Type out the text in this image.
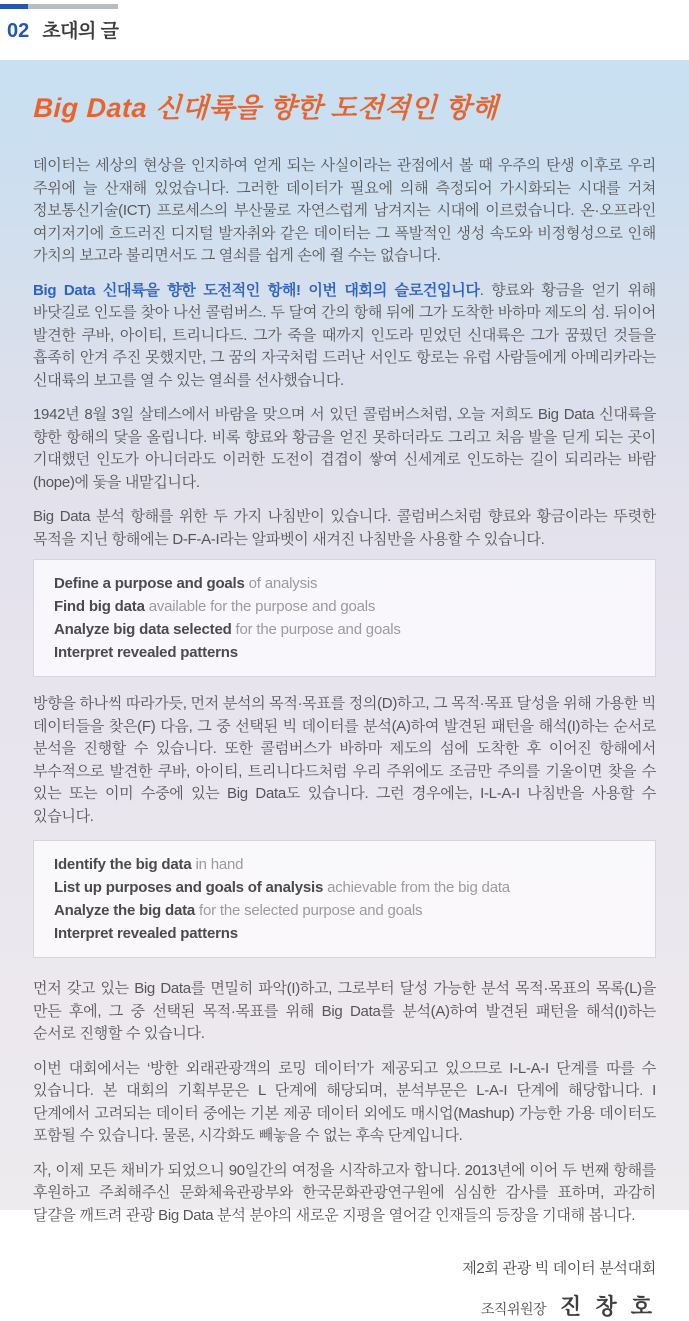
02 초대의 글
Big Data 신대륙을 향한 도전적인 항해

데이터는 세상의 현상을 인지하여 얻게 되는 사실이라는 관점에서 볼 때 우주의 탄생 이후로 우리 주위에 늘 산재해 있었습니다. 그러한 데이터가 필요에 의해 측정되어 가시화되는 시대를 거쳐 정보통신기술(ICT) 프로세스의 부산물로 자연스럽게 남겨지는 시대에 이르렀습니다. 온·오프라인 여기저기에 흐드러진 디지털 발자취와 같은 데이터는 그 폭발적인 생성 속도와 비정형성으로 인해 가치의 보고라 불리면서도 그 열쇠를 쉽게 손에 쥘 수는 없습니다.

Big Data 신대륙을 향한 도전적인 항해! 이번 대회의 슬로건입니다. 향료와 황금을 얻기 위해 바닷길로 인도를 찾아 나선 콜럼버스. 두 달여 간의 항해 뒤에 그가 도착한 바하마 제도의 섬. 뒤이어 발견한 쿠바, 아이티, 트리니다드. 그가 죽을 때까지 인도라 믿었던 신대륙은 그가 꿈꿨던 것들을 흡족히 안겨 주진 못했지만, 그 꿈의 자국처럼 드러난 서인도 항로는 유럽 사람들에게 아메리카라는 신대륙의 보고를 열 수 있는 열쇠를 선사했습니다.

1942년 8월 3일 살테스에서 바람을 맞으며 서 있던 콜럼버스처럼, 오늘 저희도 Big Data 신대륙을 향한 항해의 닻을 올립니다. 비록 향료와 황금을 얻진 못하더라도 그리고 처음 발을 딛게 되는 곳이 기대했던 인도가 아니더라도 이러한 도전이 겹겹이 쌓여 신세계로 인도하는 길이 되리라는 바람(hope)에 돛을 내맡깁니다.

Big Data 분석 항해를 위한 두 가지 나침반이 있습니다. 콜럼버스처럼 향료와 황금이라는 뚜렷한 목적을 지닌 항해에는 D-F-A-I라는 알파벳이 새겨진 나침반을 사용할 수 있습니다.

Define a purpose and goals of analysis
Find big data available for the purpose and goals
Analyze big data selected for the purpose and goals
Interpret revealed patterns

방향을 하나씩 따라가듯, 먼저 분석의 목적·목표를 정의(D)하고, 그 목적·목표 달성을 위해 가용한 빅 데이터들을 찾은(F) 다음, 그 중 선택된 빅 데이터를 분석(A)하여 발견된 패턴을 해석(I)하는 순서로 분석을 진행할 수 있습니다. 또한 콜럼버스가 바하마 제도의 섬에 도착한 후 이어진 항해에서 부수적으로 발견한 쿠바, 아이티, 트리니다드처럼 우리 주위에도 조금만 주의를 기울이면 찾을 수 있는 또는 이미 수중에 있는 Big Data도 있습니다. 그런 경우에는, I-L-A-I 나침반을 사용할 수 있습니다.

Identify the big data in hand
List up purposes and goals of analysis achievable from the big data
Analyze the big data for the selected purpose and goals
Interpret revealed patterns

먼저 갖고 있는 Big Data를 면밀히 파악(I)하고, 그로부터 달성 가능한 분석 목적·목표의 목록(L)을 만든 후에, 그 중 선택된 목적·목표를 위해 Big Data를 분석(A)하여 발견된 패턴을 해석(I)하는 순서로 진행할 수 있습니다.

이번 대회에서는 ‘방한 외래관광객의 로밍 데이터’가 제공되고 있으므로 I-L-A-I 단계를 따를 수 있습니다. 본 대회의 기획부문은 L 단계에 해당되며, 분석부문은 L-A-I 단계에 해당합니다. I 단계에서 고려되는 데이터 중에는 기본 제공 데이터 외에도 매시업(Mashup) 가능한 가용 데이터도 포함될 수 있습니다. 물론, 시각화도 빼놓을 수 없는 후속 단계입니다.

자, 이제 모든 채비가 되었으니 90일간의 여정을 시작하고자 합니다. 2013년에 이어 두 번째 항해를 후원하고 주최해주신 문화체육관광부와 한국문화관광연구원에 심심한 감사를 표하며, 과감히 달걀을 깨트려 관광 Big Data 분석 분야의 새로운 지평을 열어갈 인재들의 등장을 기대해 봅니다.

제2회 관광 빅 데이터 분석대회
조직위원장 진 창 호
